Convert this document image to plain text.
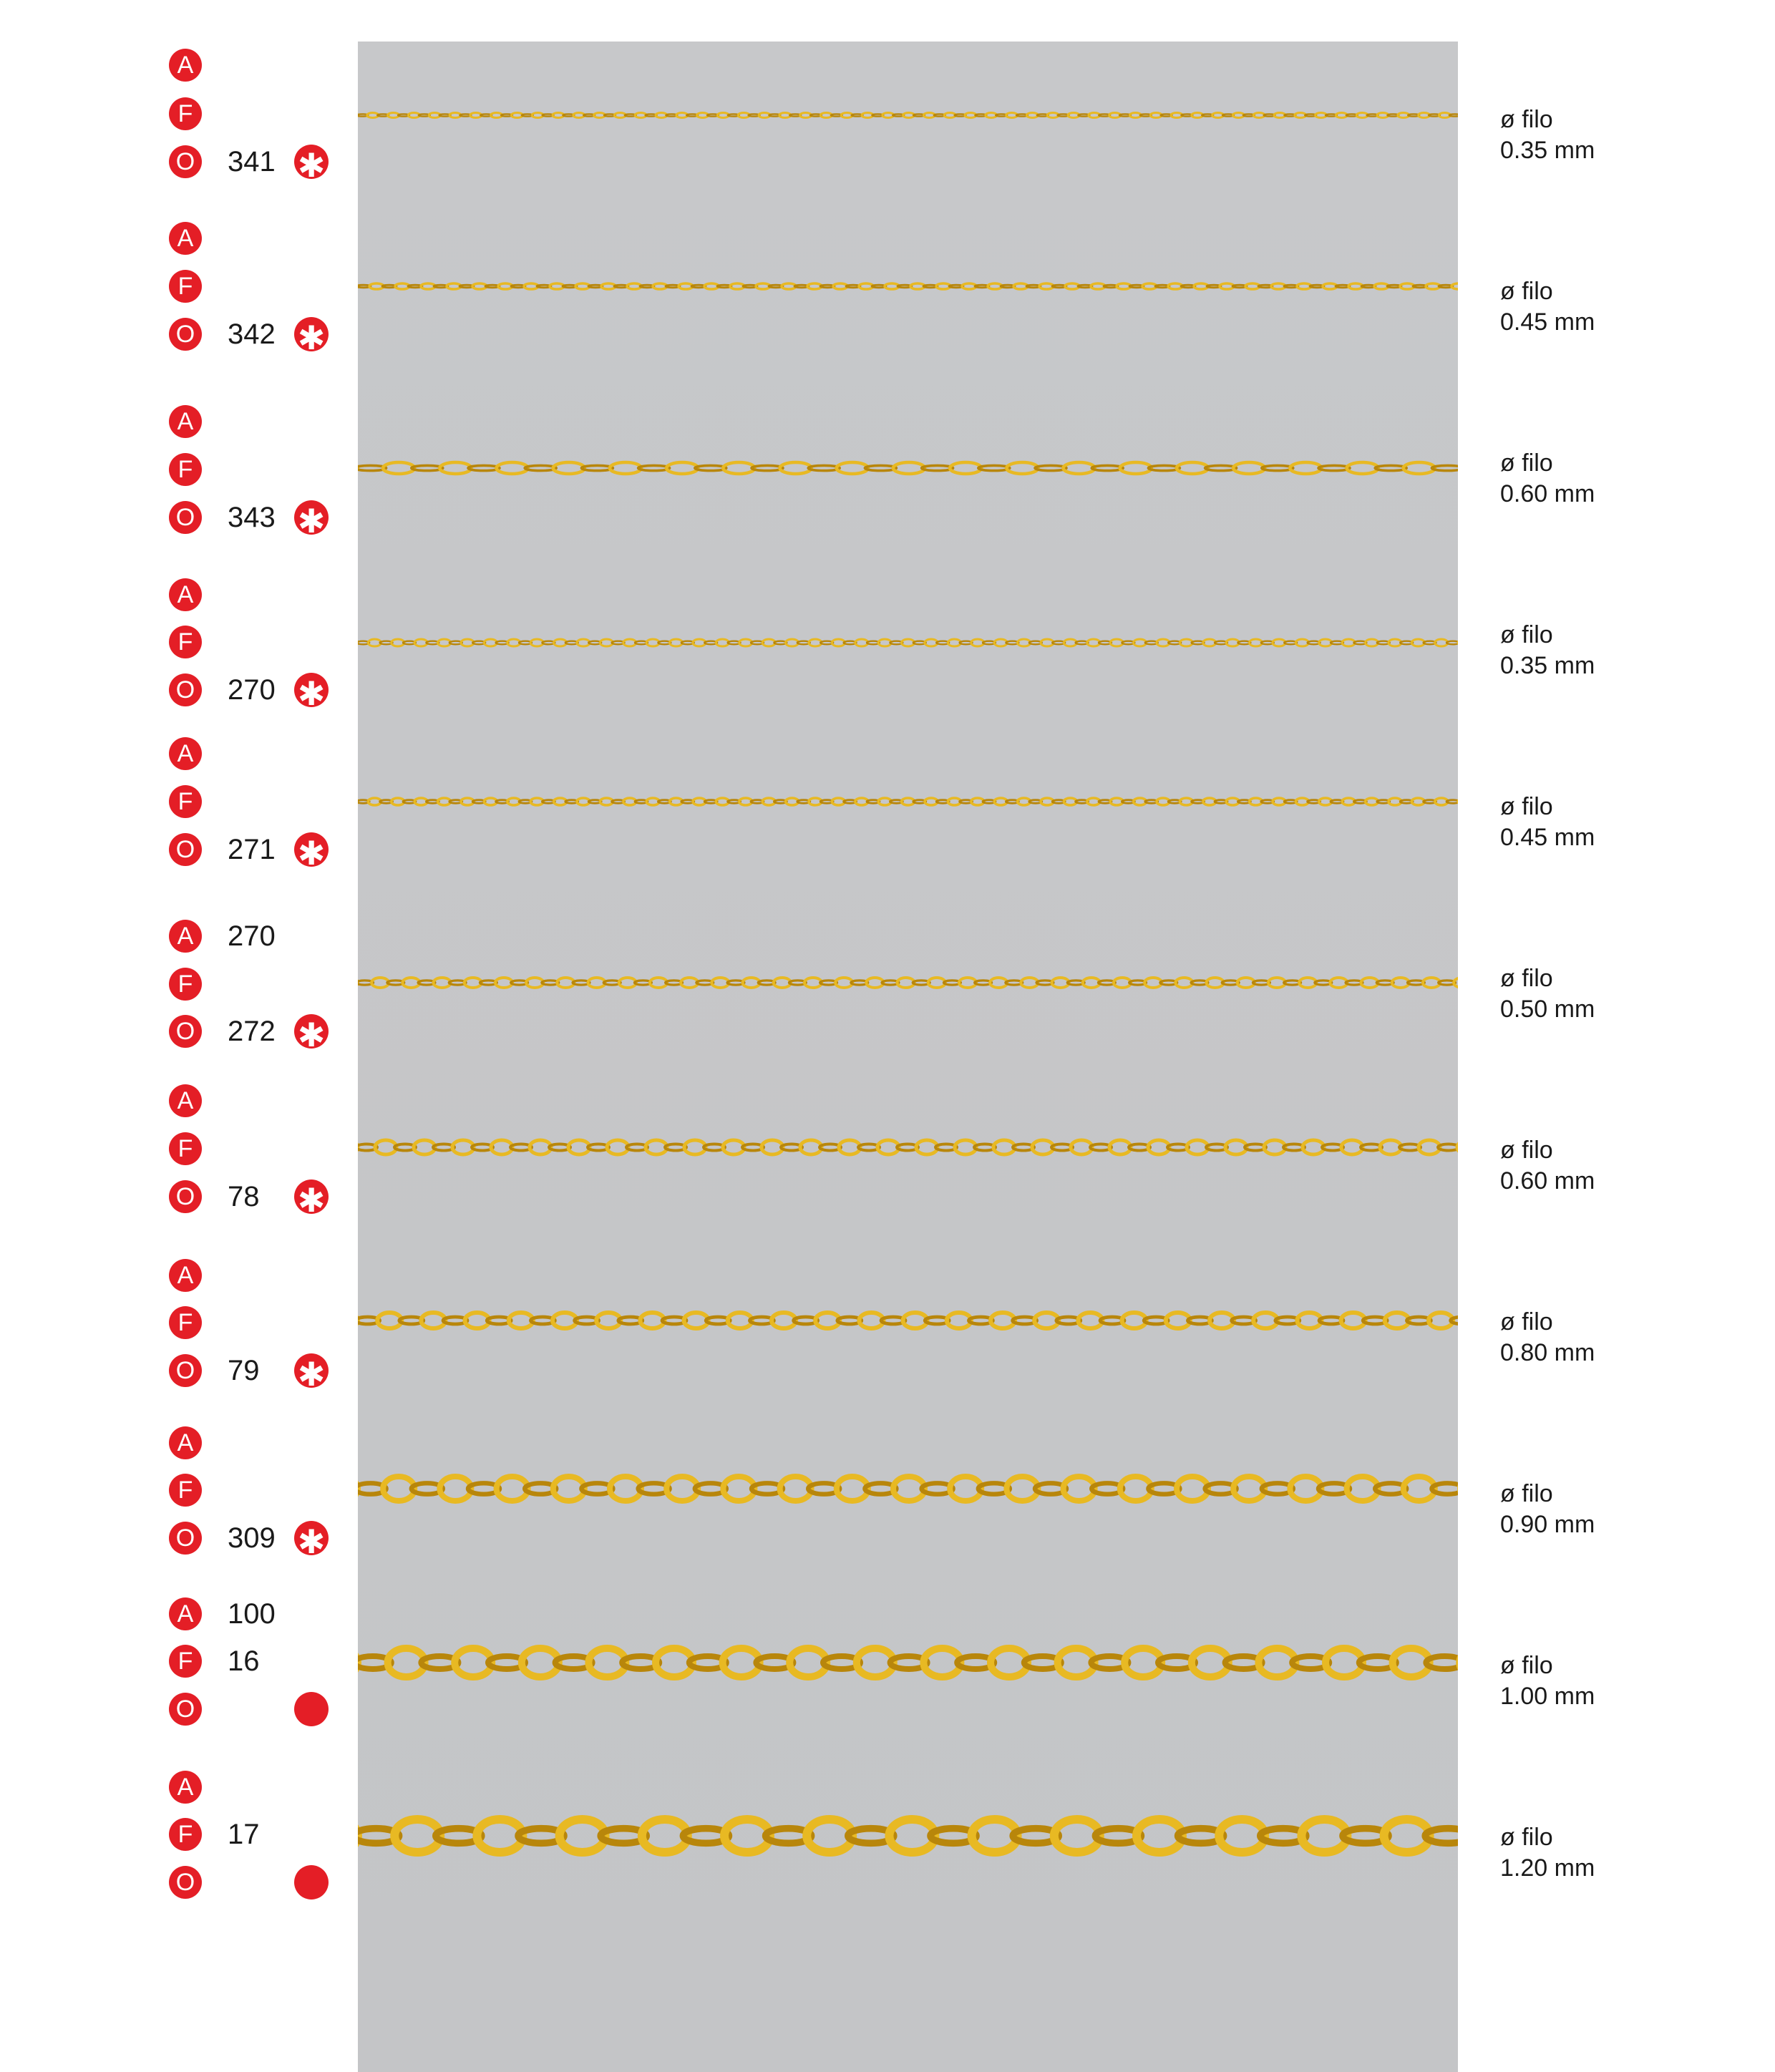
A
F
O 341 ✱
ø filo
0.35 mm
A
F
O 342 ✱
ø filo
0.45 mm
A
F
O 343 ✱
ø filo
0.60 mm
A
F
O 270 ✱
ø filo
0.35 mm
A
F
O 271 ✱
ø filo
0.45 mm
A 270
F
O 272 ✱
ø filo
0.50 mm
A
F
O 78 ✱
ø filo
0.60 mm
A
F
O 79 ✱
ø filo
0.80 mm
A
F
O 309 ✱
ø filo
0.90 mm
A 100
F	16
O
ø filo
1.00 mm
A
F	17
O
ø filo
1.20 mm
